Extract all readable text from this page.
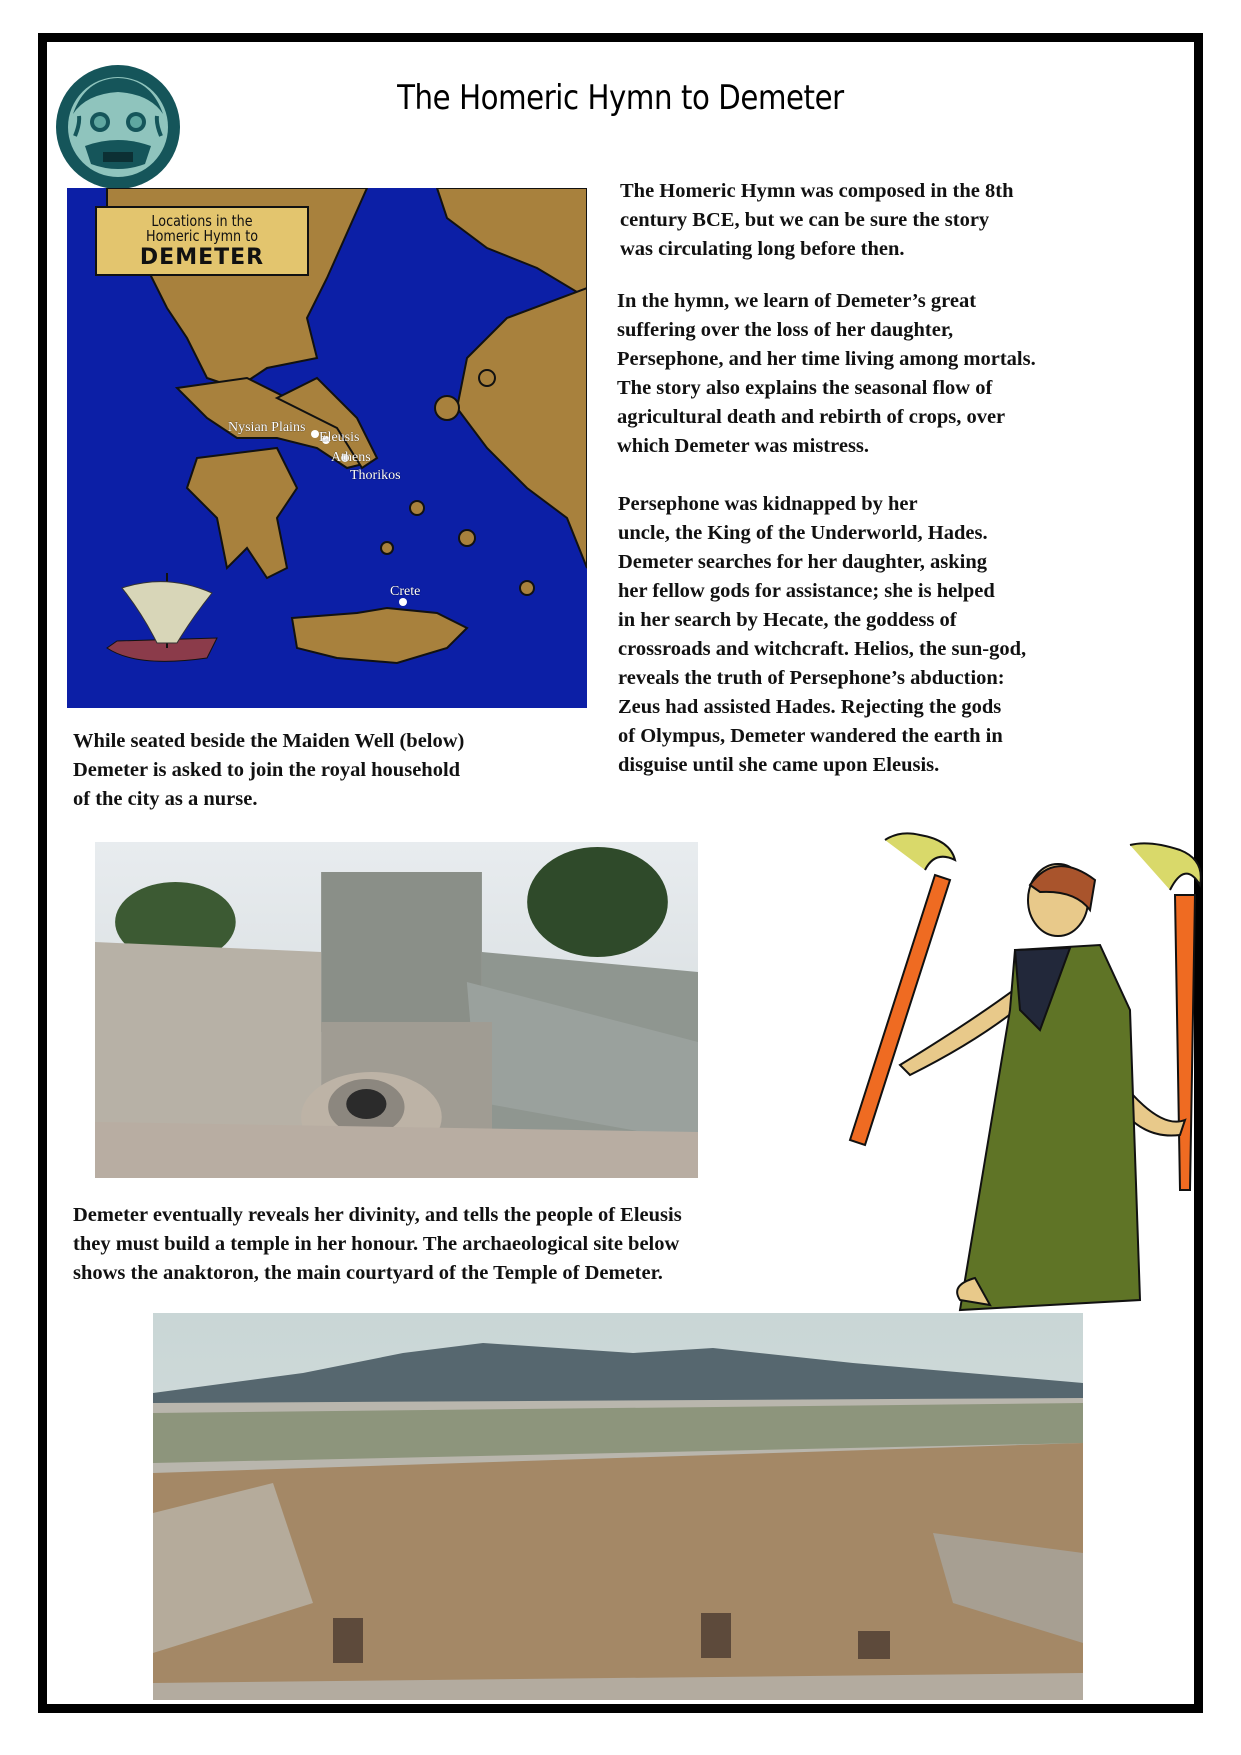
The Homeric Hymn to Demeter
Locations in the
Homeric Hymn to
DEMETER
Nysian Plains
Eleusis
Athens
Thorikos
Crete
The Homeric Hymn was composed in the 8th
century BCE, but we can be sure the story
was circulating long before then.
In the hymn, we learn of Demeter’s great
suffering over the loss of her daughter,
Persephone, and her time living among mortals.
The story also explains the seasonal flow of
agricultural death and rebirth of crops, over
which Demeter was mistress.
Persephone was kidnapped by her
uncle, the King of the Underworld, Hades.
Demeter searches for her daughter, asking
her fellow gods for assistance; she is helped
in her search by Hecate, the goddess of
crossroads and witchcraft. Helios, the sun-god,
reveals the truth of Persephone’s abduction:
Zeus had assisted Hades. Rejecting the gods
of Olympus, Demeter wandered the earth in
disguise until she came upon Eleusis.
While seated beside the Maiden Well (below)
Demeter is asked to join the royal household
of the city as a nurse.
Demeter eventually reveals her divinity, and tells the people of Eleusis
they must build a temple in her honour. The archaeological site below
shows the anaktoron, the main courtyard of the Temple of Demeter.
